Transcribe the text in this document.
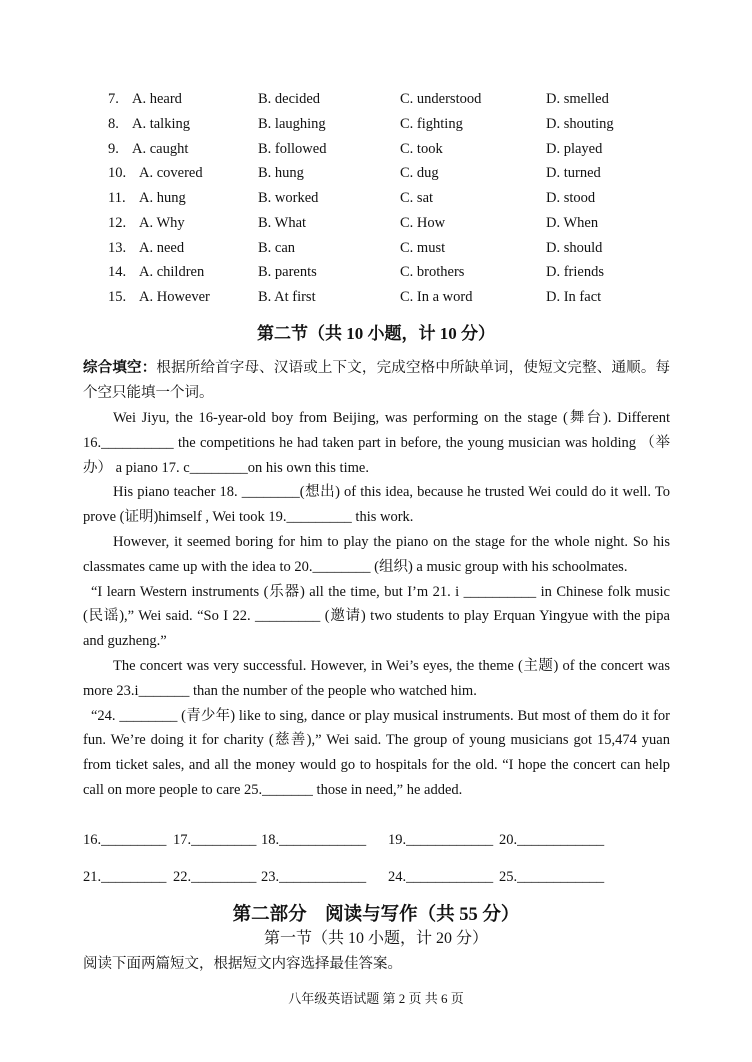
7. A. heard	B. decided	C. understood	D. smelled
8. A. talking	B. laughing	C. fighting	D. shouting
9. A. caught	B. followed	C. took	D. played
10. A. covered	B. hung	C. dug	D. turned
11. A. hung	B. worked	C. sat	D. stood
12. A. Why	B. What	C. How	D. When
13. A. need	B. can	C. must	D. should
14. A. children	B. parents	C. brothers	D. friends
15. A. However	B. At first	C. In a word	D. In fact
第二节（共 10 小题，计 10 分）

综合填空：根据所给首字母、汉语或上下文，完成空格中所缺单词，使短文完整、通顺。每个空只能填一个词。

Wei Jiyu, the 16-year-old boy from Beijing, was performing on the stage (舞台). Different 16.__________ the competitions he had taken part in before, the young musician was holding （举办） a piano 17. c________on his own this time.

His piano teacher 18. ________(想出) of this idea, because he trusted Wei could do it well. To prove (证明)himself , Wei took 19._________ this work.

However, it seemed boring for him to play the piano on the stage for the whole night. So his classmates came up with the idea to 20.________ (组织) a music group with his schoolmates.

“I learn Western instruments (乐器) all the time, but I’m 21. i __________ in Chinese folk music (民谣),” Wei said. “So I 22. _________ (邀请) two students to play Erquan Yingyue with the pipa and guzheng.”

The concert was very successful. However, in Wei’s eyes, the theme (主题) of the concert was more 23.i_______ than the number of the people who watched him.

“24. ________ (青少年) like to sing, dance or play musical instruments. But most of them do it for fun. We’re doing it for charity (慈善),” Wei said. The group of young musicians got 15,474 yuan from ticket sales, and all the money would go to hospitals for the old. “I hope the concert can help call on more people to care 25._______ those in need,” he added.

16._________ 17._________ 18.____________ 19.____________ 20.____________
21._________ 22._________ 23.____________ 24.____________ 25.____________
第二部分　阅读与写作（共 55 分）
第一节（共 10 小题，计 20 分）
阅读下面两篇短文，根据短文内容选择最佳答案。
八年级英语试题 第 2 页 共 6 页
